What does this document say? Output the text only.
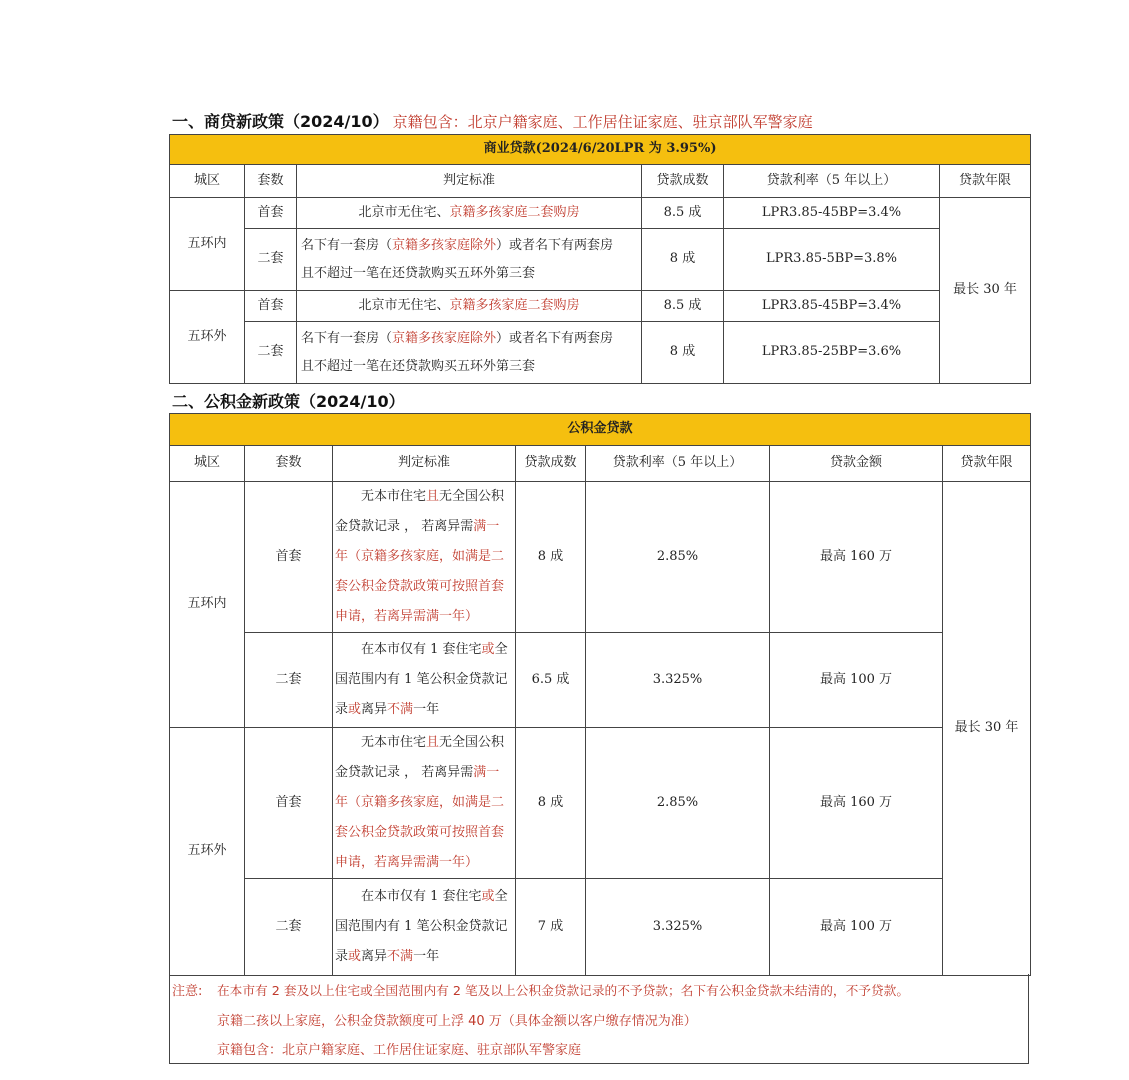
一、商贷新政策（2024/10） 京籍包含：北京户籍家庭、工作居住证家庭、驻京部队军警家庭
商业贷款(2024/6/20LPR 为 3.95%)					
城区	套数	判定标准	贷款成数	贷款利率（5 年以上）	贷款年限
五环内	首套	北京市无住宅、京籍多孩家庭二套购房	8.5 成	LPR3.85-45BP=3.4%	最长 30 年
	二套	名下有一套房（京籍多孩家庭除外）或者名下有两套房
且不超过一笔在还贷款购买五环外第三套	8 成	LPR3.85-5BP=3.8%	
五环外	首套	北京市无住宅、京籍多孩家庭二套购房	8.5 成	LPR3.85-45BP=3.4%	
	二套	名下有一套房（京籍多孩家庭除外）或者名下有两套房
且不超过一笔在还贷款购买五环外第三套	8 成	LPR3.85-25BP=3.6%	
二、公积金新政策（2024/10）
公积金贷款						
城区	套数	判定标准	贷款成数	贷款利率（5 年以上）	贷款金额	贷款年限
五环内	首套	  无本市住宅且无全国公积金贷款记录 ， 若离异需满一年（京籍多孩家庭，如满是二套公积金贷款政策可按照首套申请，若离异需满一年）	8 成	2.85%	最高 160 万	最长 30 年
	二套	  在本市仅有 1 套住宅或全国范围内有 1 笔公积金贷款记录或离异不满一年	6.5 成	3.325%	最高 100 万	
五环外	首套	  无本市住宅且无全国公积金贷款记录 ， 若离异需满一年（京籍多孩家庭，如满是二套公积金贷款政策可按照首套申请，若离异需满一年）	8 成	2.85%	最高 160 万	
	二套	  在本市仅有 1 套住宅或全国范围内有 1 笔公积金贷款记录或离异不满一年	7 成	3.325%	最高 100 万	
注意: 在本市有 2 套及以上住宅或全国范围内有 2 笔及以上公积金贷款记录的不予贷款；名下有公积金贷款未结清的，不予贷款。
京籍二孩以上家庭，公积金贷款额度可上浮 40 万（具体金额以客户缴存情况为准）
京籍包含：北京户籍家庭、工作居住证家庭、驻京部队军警家庭
